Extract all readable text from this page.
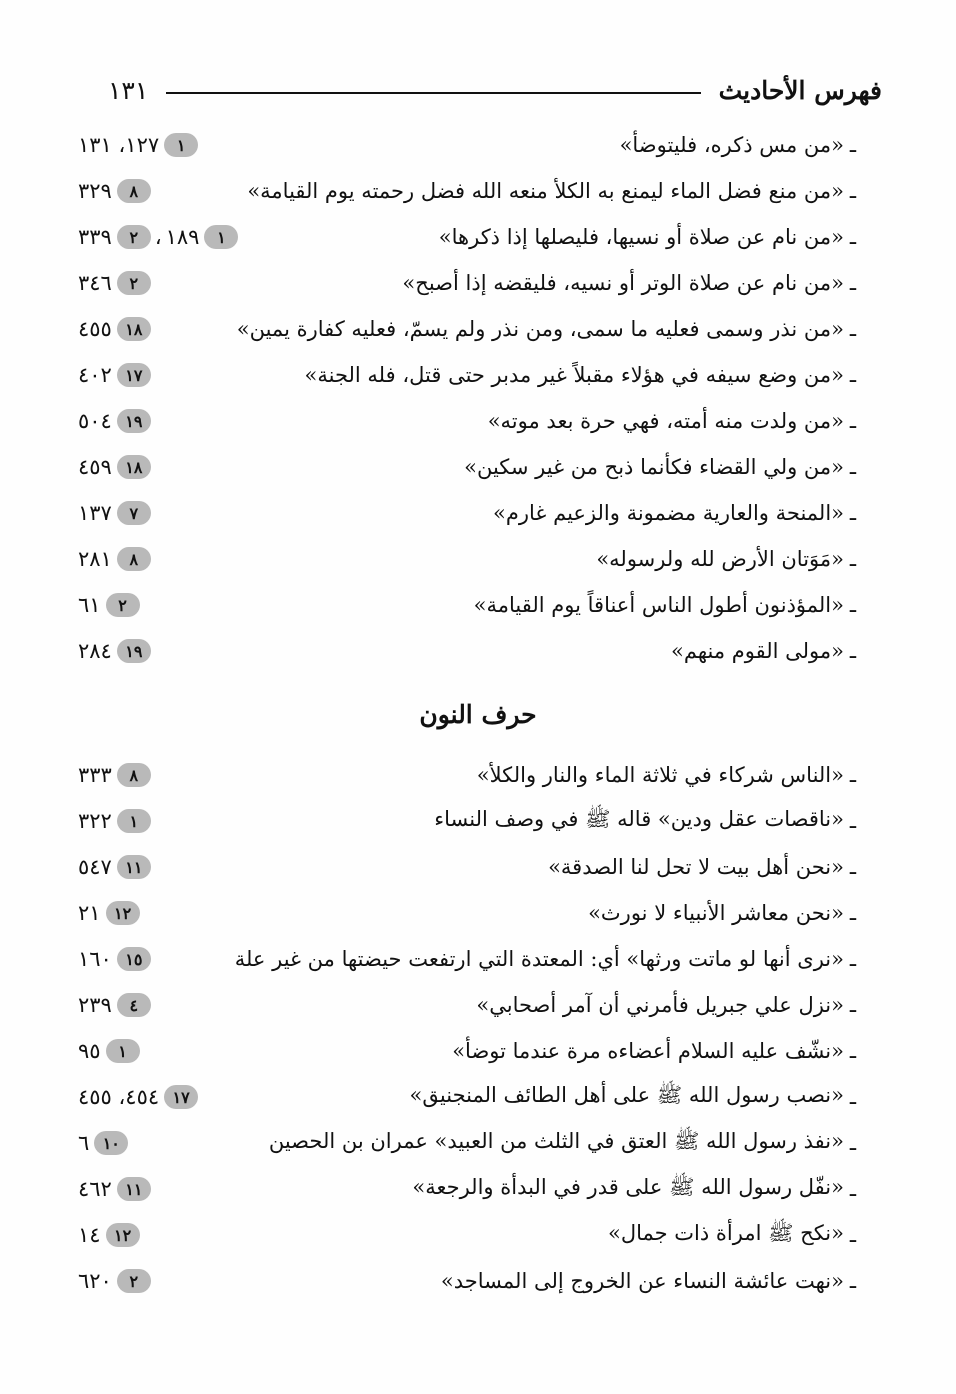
فهرس الأحاديث
١٣١
ـ
«من مس ذكره، فليتوضأ»
١
١٢٧، ١٣١
ـ
«من منع فضل الماء ليمنع به الكلأ منعه الله فضل رحمته يوم القيامة»
٨
٣٢٩
ـ
«من نام عن صلاة أو نسيها، فليصلها إذا ذكرها»
١
١٨٩
، ٢
٣٣٩
ـ
«من نام عن صلاة الوتر أو نسيه، فليقضه إذا أصبح»
٢
٣٤٦
ـ
«من نذر وسمى فعليه ما سمى، ومن نذر ولم يسمّ، فعليه كفارة يمين»
١٨
٤٥٥
ـ
«من وضع سيفه في هؤلاء مقبلاً غير مدبر حتى قتل، فله الجنة»
١٧
٤٠٢
ـ
«من ولدت منه أمته، فهي حرة بعد موته»
١٩
٥٠٤
ـ
«من ولي القضاء فكأنما ذبح من غير سكين»
١٨
٤٥٩
ـ
«المنحة والعارية مضمونة والزعيم غارم»
٧
١٣٧
ـ
«مَوَتان الأرض لله ولرسوله»
٨
٢٨١
ـ
«المؤذنون أطول الناس أعناقاً يوم القيامة»
٢
٦١
ـ
«مولى القوم منهم»
١٩
٢٨٤
حرف النون
ـ
«الناس شركاء في ثلاثة الماء والنار والكلأ»
٨
٣٣٣
ـ
«ناقصات عقل ودين» قاله ﷺ في وصف النساء
١
٣٢٢
ـ
«نحن أهل بيت لا تحل لنا الصدقة»
١١
٥٤٧
ـ
«نحن معاشر الأنبياء لا نورث»
١٢
٢١
ـ
«نرى أنها لو ماتت ورثها» أي: المعتدة التي ارتفعت حيضتها من غير علة
١٥
١٦٠
ـ
«نزل علي جبريل فأمرني أن آمر أصحابي»
٤
٢٣٩
ـ
«نشّف عليه السلام أعضاءه مرة عندما توضأ»
١
٩٥
ـ
«نصب رسول الله ﷺ على أهل الطائف المنجنيق»
١٧
٤٥٤، ٤٥٥
ـ
«نفذ رسول الله ﷺ العتق في الثلث من العبيد» عمران بن الحصين
١٠
٦
ـ
«نفّل رسول الله ﷺ على قدر في البدأة والرجعة»
١١
٤٦٢
ـ
«نكح ﷺ امرأة ذات جمال»
١٢
١٤
ـ
«نهت عائشة النساء عن الخروج إلى المساجد»
٢
٦٢٠
